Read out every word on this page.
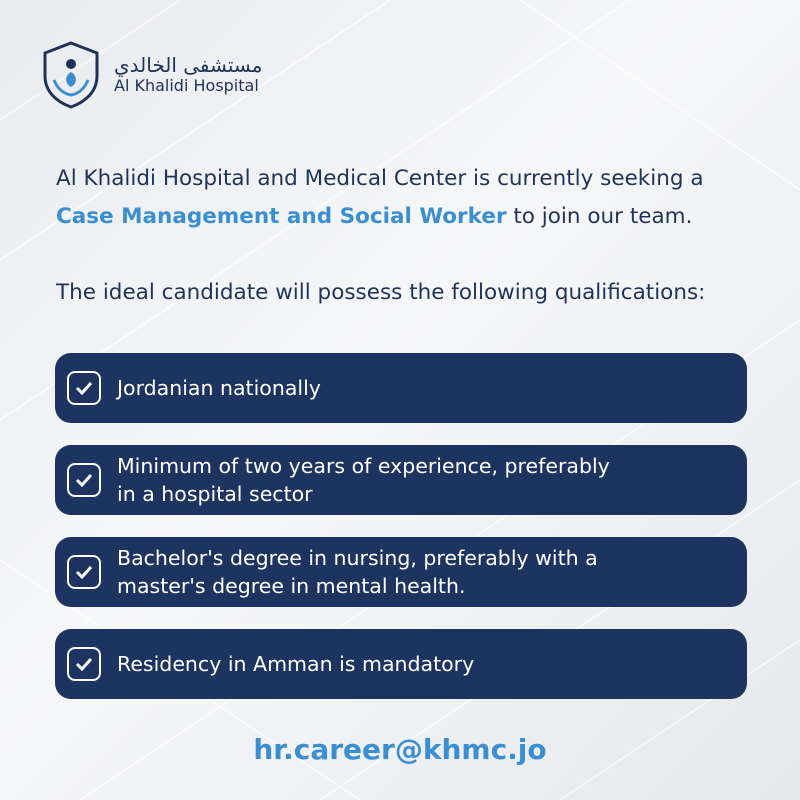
مستشفى الخالدي
Al Khalidi Hospital
Al Khalidi Hospital and Medical Center is currently seeking a
Case Management and Social Worker to join our team.
The ideal candidate will possess the following qualifications:
Jordanian nationally
Minimum of two years of experience, preferably
in a hospital sector
Bachelor's degree in nursing, preferably with a
master's degree in mental health.
Residency in Amman is mandatory
hr.career@khmc.jo
